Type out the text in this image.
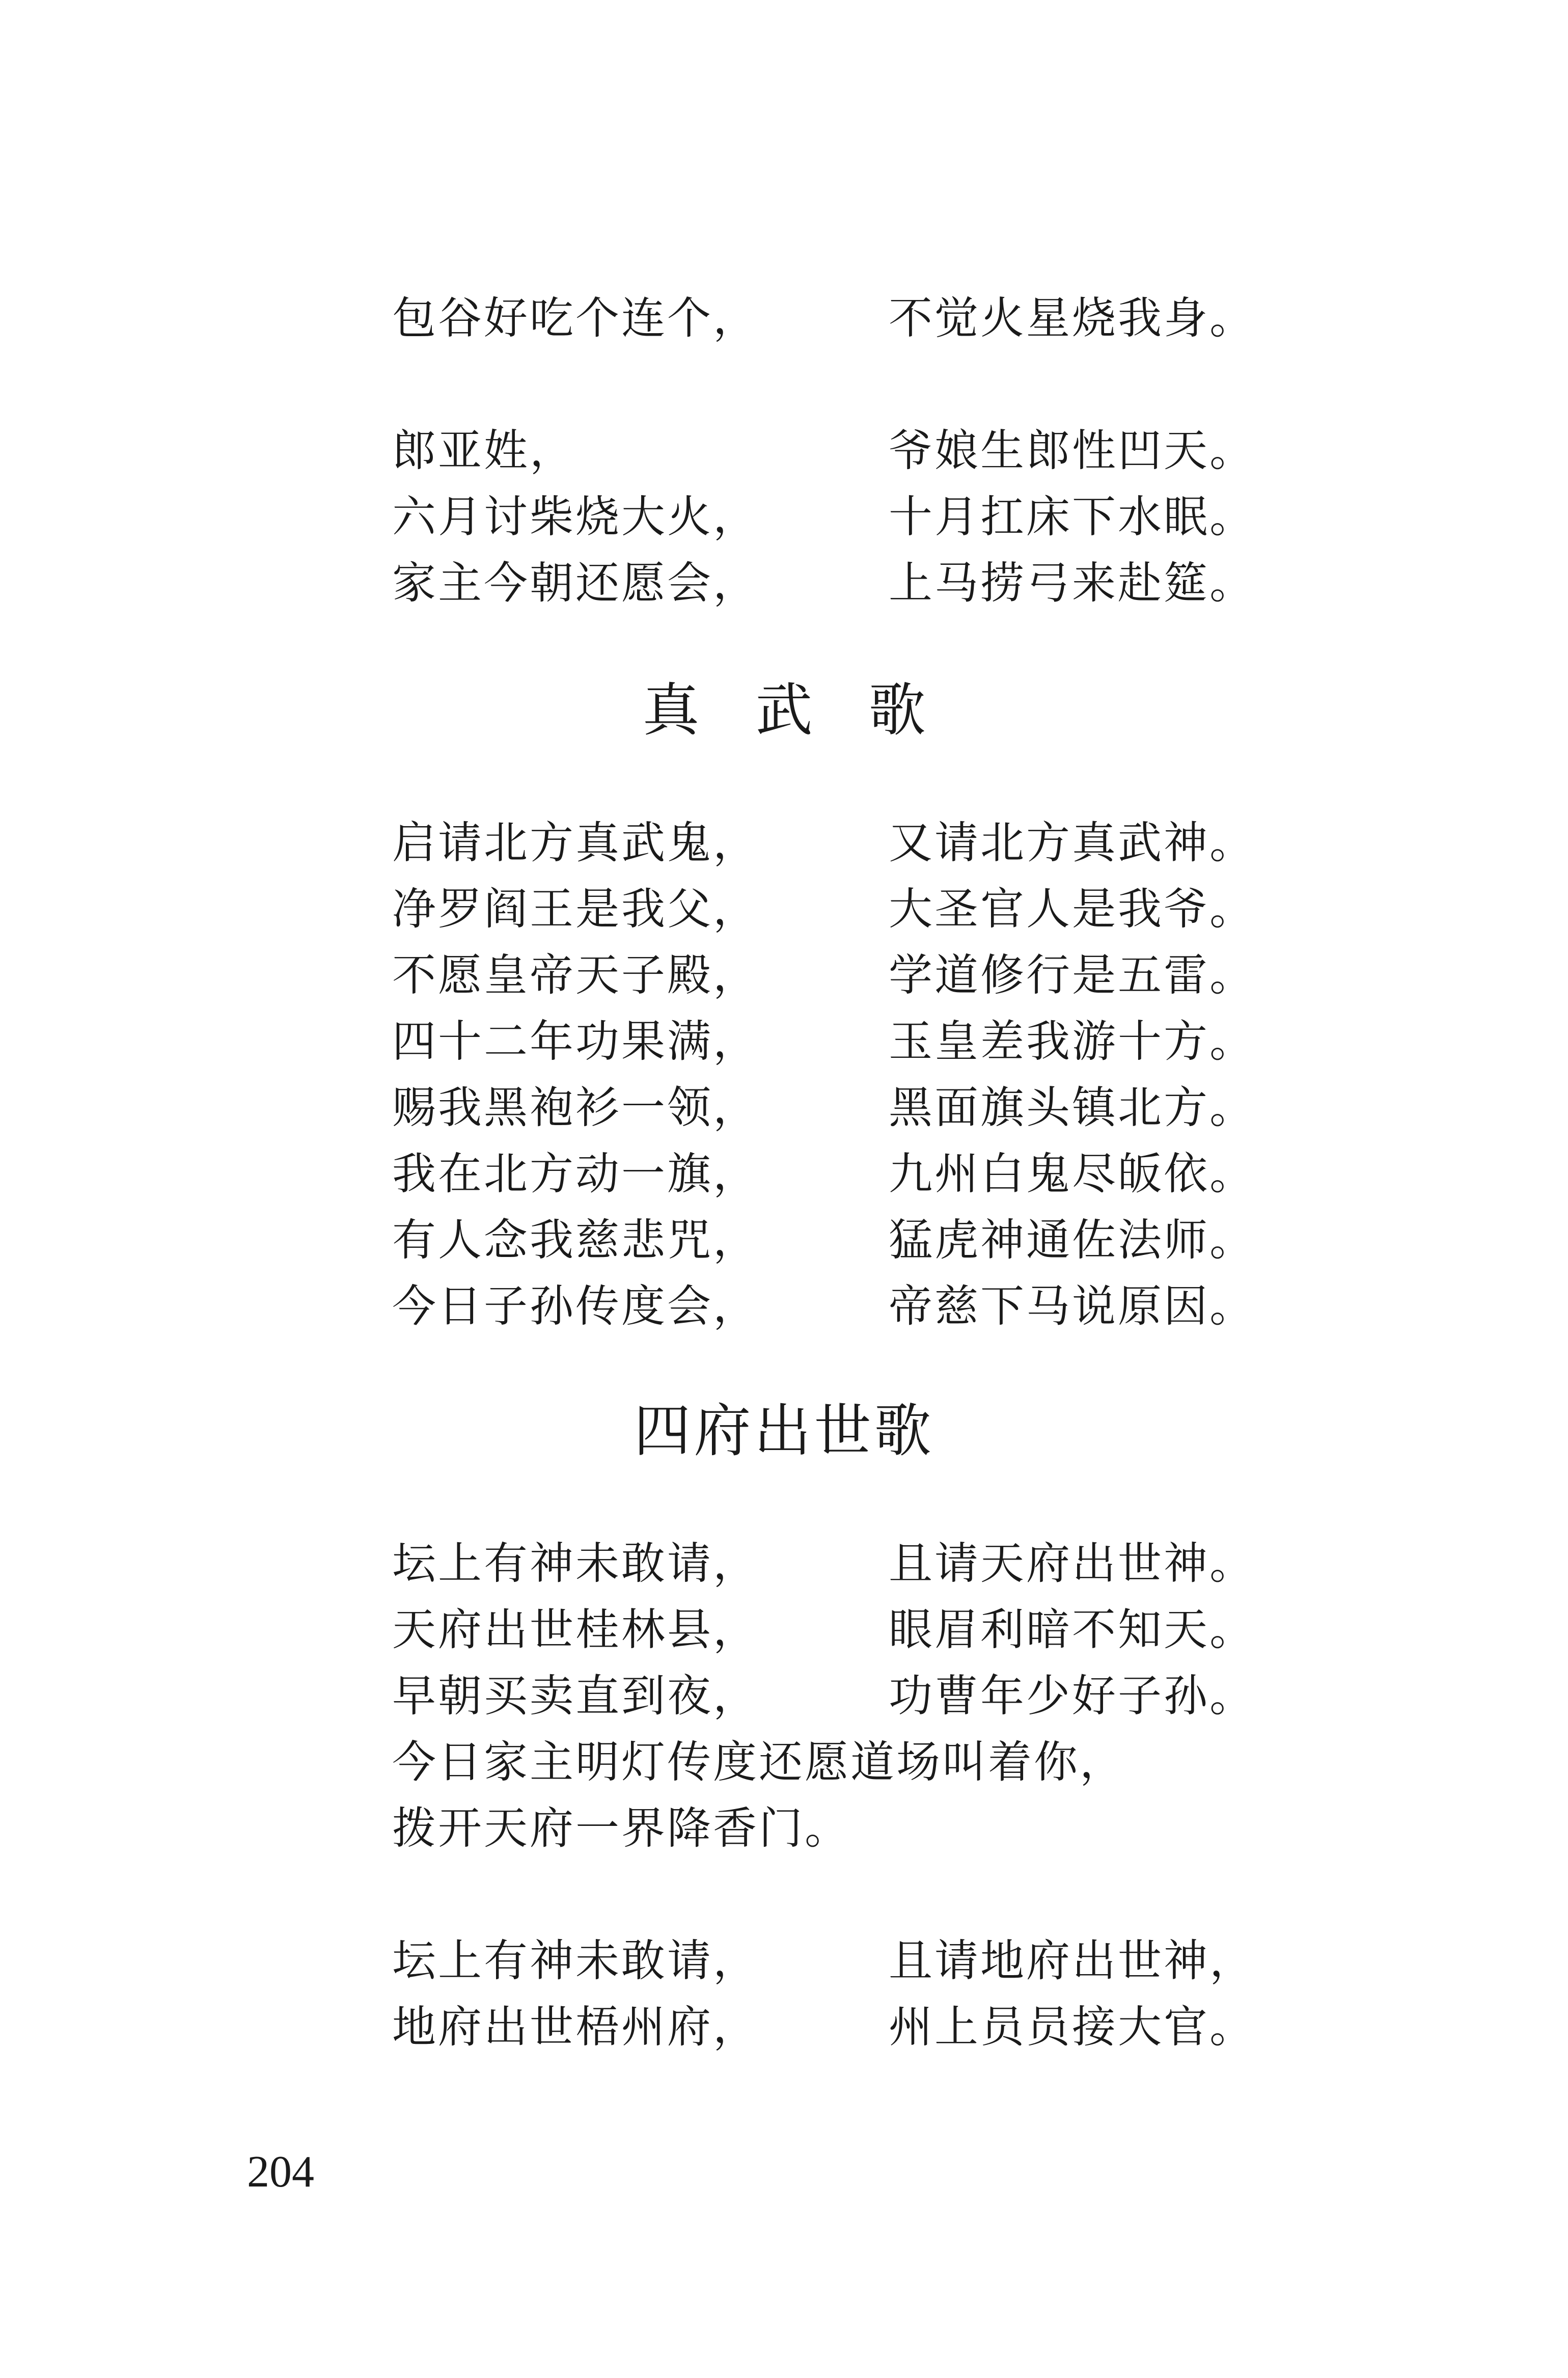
包谷好吃个连个，	不觉火星烧我身。
郎亚姓，	爷娘生郎性凹天。
六月讨柴烧大火，	十月扛床下水眠。
家主今朝还愿会，	上马捞弓来赴筵。
真武歌
启请北方真武鬼，	又请北方真武神。
净罗阎王是我父，	大圣官人是我爷。
不愿皇帝天子殿，	学道修行是五雷。
四十二年功果满，	玉皇差我游十方。
赐我黑袍衫一领，	黑面旗头镇北方。
我在北方动一旗，	九州白鬼尽皈依。
有人念我慈悲咒，	猛虎神通佐法师。
今日子孙传度会，	帝慈下马说原因。
四府出世歌
坛上有神未敢请，	且请天府出世神。
天府出世桂林县，	眼眉利暗不知天。
早朝买卖直到夜，	功曹年少好子孙。
今日家主明灯传度还愿道场叫着你，
拨开天府一界降香门。
坛上有神未敢请，	且请地府出世神，
地府出世梧州府，	州上员员接大官。
204
